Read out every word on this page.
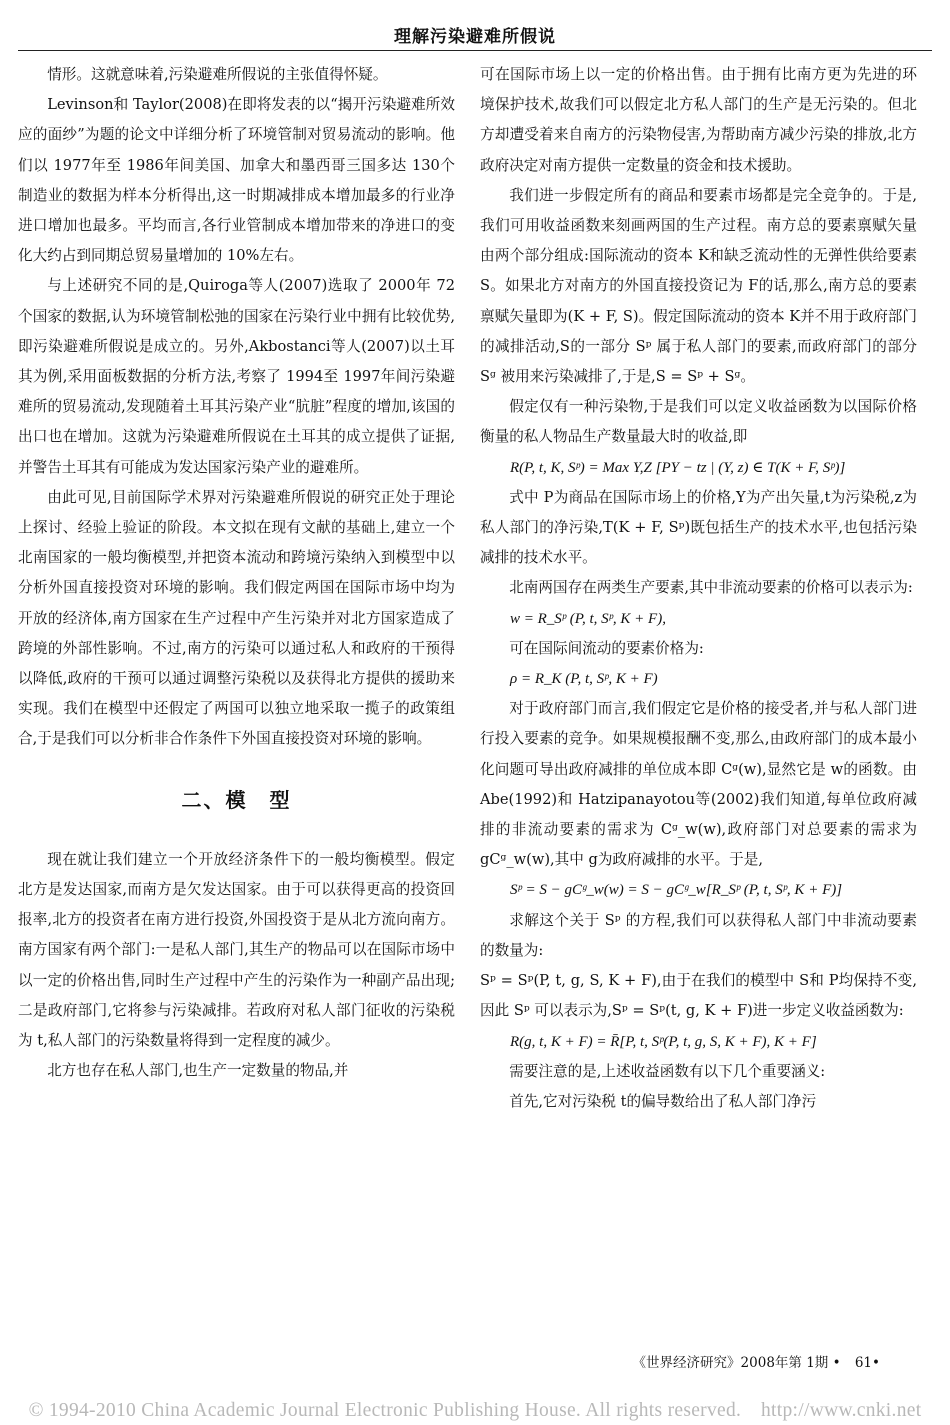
理解污染避难所假说

情形。这就意味着,污染避难所假说的主张值得怀疑。

Levinson和 Taylor(2008)在即将发表的以“揭开污染避难所效应的面纱”为题的论文中详细分析了环境管制对贸易流动的影响。他们以 1977年至 1986年间美国、加拿大和墨西哥三国多达 130个制造业的数据为样本分析得出,这一时期减排成本增加最多的行业净进口增加也最多。平均而言,各行业管制成本增加带来的净进口的变化大约占到同期总贸易量增加的 10%左右。

与上述研究不同的是,Quiroga等人(2007)选取了 2000年 72个国家的数据,认为环境管制松弛的国家在污染行业中拥有比较优势,即污染避难所假说是成立的。另外,Akbostanci等人(2007)以土耳其为例,采用面板数据的分析方法,考察了 1994至 1997年间污染避难所的贸易流动,发现随着土耳其污染产业“肮脏”程度的增加,该国的出口也在增加。这就为污染避难所假说在土耳其的成立提供了证据,并警告土耳其有可能成为发达国家污染产业的避难所。

由此可见,目前国际学术界对污染避难所假说的研究正处于理论上探讨、经验上验证的阶段。本文拟在现有文献的基础上,建立一个北南国家的一般均衡模型,并把资本流动和跨境污染纳入到模型中以分析外国直接投资对环境的影响。我们假定两国在国际市场中均为开放的经济体,南方国家在生产过程中产生污染并对北方国家造成了跨境的外部性影响。不过,南方的污染可以通过私人和政府的干预得以降低,政府的干预可以通过调整污染税以及获得北方提供的援助来实现。我们在模型中还假定了两国可以独立地采取一揽子的政策组合,于是我们可以分析非合作条件下外国直接投资对环境的影响。

二、模　型

现在就让我们建立一个开放经济条件下的一般均衡模型。假定北方是发达国家,而南方是欠发达国家。由于可以获得更高的投资回报率,北方的投资者在南方进行投资,外国投资于是从北方流向南方。南方国家有两个部门:一是私人部门,其生产的物品可以在国际市场中以一定的价格出售,同时生产过程中产生的污染作为一种副产品出现;二是政府部门,它将参与污染减排。若政府对私人部门征收的污染税为 t,私人部门的污染数量将得到一定程度的减少。

北方也存在私人部门,也生产一定数量的物品,并

可在国际市场上以一定的价格出售。由于拥有比南方更为先进的环境保护技术,故我们可以假定北方私人部门的生产是无污染的。但北方却遭受着来自南方的污染物侵害,为帮助南方减少污染的排放,北方政府决定对南方提供一定数量的资金和技术援助。

我们进一步假定所有的商品和要素市场都是完全竞争的。于是,我们可用收益函数来刻画两国的生产过程。南方总的要素禀赋矢量由两个部分组成:国际流动的资本 K和缺乏流动性的无弹性供给要素 S。如果北方对南方的外国直接投资记为 F的话,那么,南方总的要素禀赋矢量即为(K + F, S)。假定国际流动的资本 K并不用于政府部门的减排活动,S的一部分 Sᵖ 属于私人部门的要素,而政府部门的部分 Sᵍ 被用来污染减排了,于是,S = Sᵖ + Sᵍ。

假定仅有一种污染物,于是我们可以定义收益函数为以国际价格衡量的私人物品生产数量最大时的收益,即

R(P, t, K, Sᵖ) = Max Y,Z [PY − tz | (Y, z) ∈ T(K + F, Sᵖ)]

式中 P为商品在国际市场上的价格,Y为产出矢量,t为污染税,z为私人部门的净污染,T(K + F, Sᵖ)既包括生产的技术水平,也包括污染减排的技术水平。

北南两国存在两类生产要素,其中非流动要素的价格可以表示为:

w = R_Sᵖ (P, t, Sᵖ, K + F),

可在国际间流动的要素价格为:

ρ = R_K (P, t, Sᵖ, K + F)

对于政府部门而言,我们假定它是价格的接受者,并与私人部门进行投入要素的竞争。如果规模报酬不变,那么,由政府部门的成本最小化问题可导出政府减排的单位成本即 Cᵍ(w),显然它是 w的函数。由 Abe(1992)和 Hatzipanayotou等(2002)我们知道,每单位政府减排的非流动要素的需求为 Cᵍ_w(w),政府部门对总要素的需求为 gCᵍ_w(w),其中 g为政府减排的水平。于是,

Sᵖ = S − gCᵍ_w(w) = S − gCᵍ_w[R_Sᵖ (P, t, Sᵖ, K + F)]

求解这个关于 Sᵖ 的方程,我们可以获得私人部门中非流动要素的数量为:

Sᵖ = Sᵖ(P, t, g, S, K + F),由于在我们的模型中 S和 P均保持不变,因此 Sᵖ 可以表示为,Sᵖ = Sᵖ(t, g, K + F)进一步定义收益函数为:

R(g, t, K + F) = R̄[P, t, Sᵖ(P, t, g, S, K + F), K + F]

需要注意的是,上述收益函数有以下几个重要涵义:

首先,它对污染税 t的偏导数给出了私人部门净污

《世界经济研究》2008年第 1期 • 61•
© 1994-2010 China Academic Journal Electronic Publishing House. All rights reserved.　http://www.cnki.net
